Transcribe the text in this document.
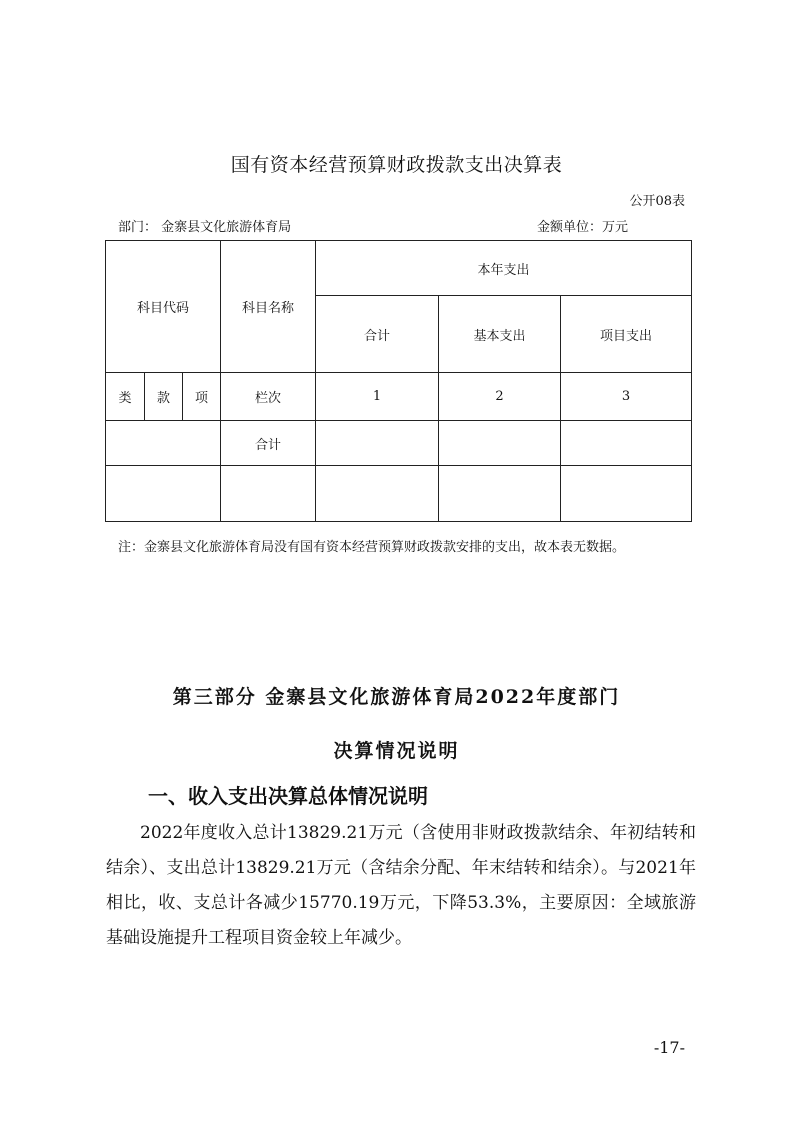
国有资本经营预算财政拨款支出决算表
公开08表
部门： 金寨县文化旅游体育局	金额单位：万元
科目代码			科目名称	本年支出		
				合计	基本支出	项目支出
类	款	项	栏次	1	2	3
			合计			

注：金寨县文化旅游体育局没有国有资本经营预算财政拨款安排的支出，故本表无数据。
第三部分 金寨县文化旅游体育局2022年度部门
决算情况说明
一、收入支出决算总体情况说明
2022年度收入总计13829.21万元（含使用非财政拨款结余、年初结转和结余）、支出总计13829.21万元（含结余分配、年末结转和结余）。与2021年相比，收、支总计各减少15770.19万元，下降53.3%，主要原因：全域旅游基础设施提升工程项目资金较上年减少。
-17-
